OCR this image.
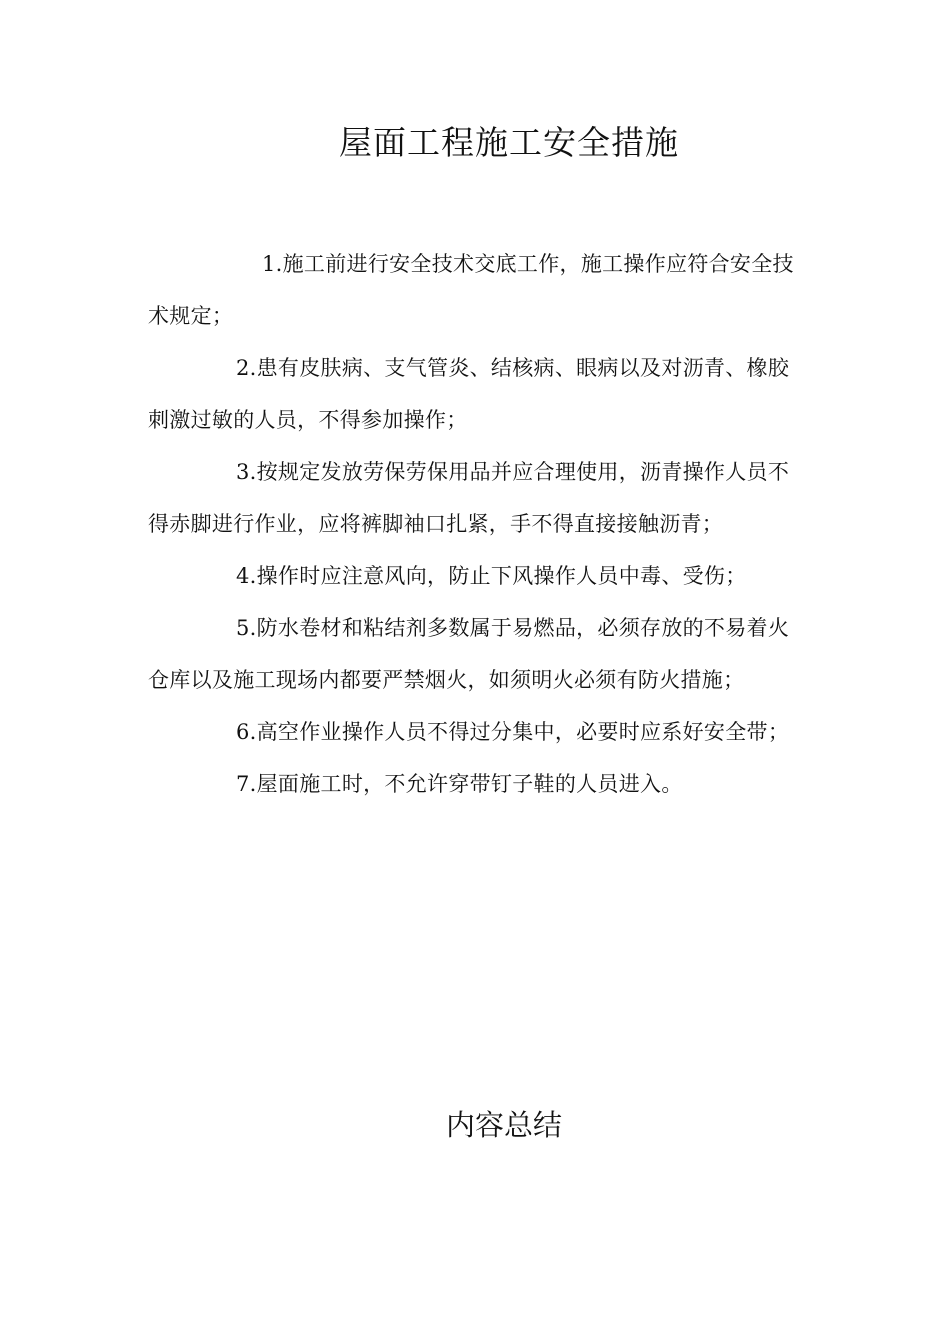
屋面工程施工安全措施

1.施工前进行安全技术交底工作，施工操作应符合安全技术规定；

2.患有皮肤病、支气管炎、结核病、眼病以及对沥青、橡胶刺激过敏的人员，不得参加操作；

3.按规定发放劳保劳保用品并应合理使用，沥青操作人员不得赤脚进行作业，应将裤脚袖口扎紧，手不得直接接触沥青；

4.操作时应注意风向，防止下风操作人员中毒、受伤；

5.防水卷材和粘结剂多数属于易燃品，必须存放的不易着火仓库以及施工现场内都要严禁烟火，如须明火必须有防火措施；

6.高空作业操作人员不得过分集中，必要时应系好安全带；

7.屋面施工时，不允许穿带钉子鞋的人员进入。

内容总结
